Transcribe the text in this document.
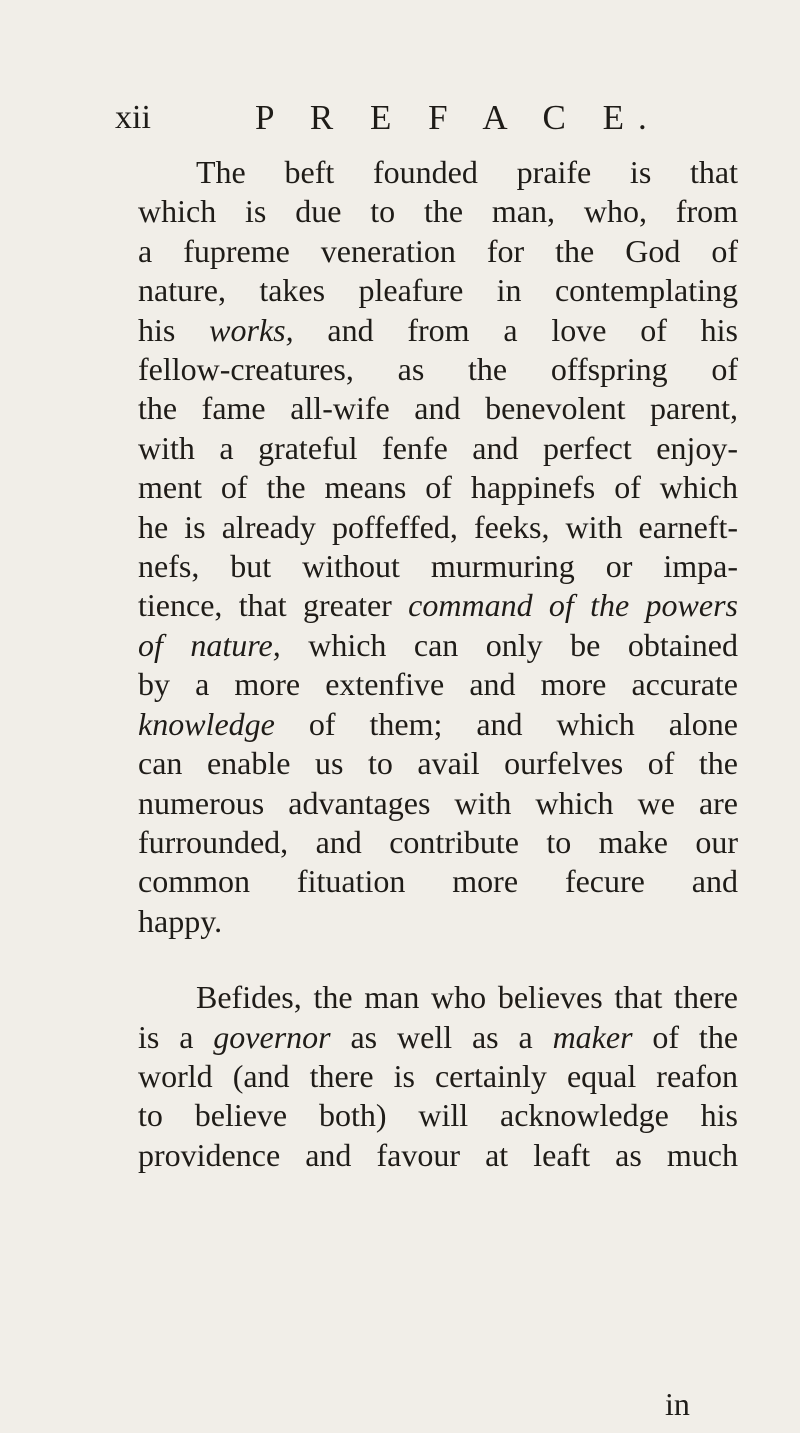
xii	P R E F A C E.
The beft founded praife is that
which is due to the man, who, from
a fupreme veneration for the God of
nature, takes pleafure in contemplating
his works, and from a love of his
fellow-creatures, as the offspring of
the fame all-wife and benevolent parent,
with a grateful fenfe and perfect enjoy-
ment of the means of happinefs of which
he is already poffeffed, feeks, with earneft-
nefs, but without murmuring or impa-
tience, that greater command of the powers
of nature, which can only be obtained
by a more extenfive and more accurate
knowledge of them; and which alone
can enable us to avail ourfelves of the
numerous advantages with which we are
furrounded, and contribute to make our
common fituation more fecure and
happy.
Befides, the man who believes that there
is a governor as well as a maker of the
world (and there is certainly equal reafon
to believe both) will acknowledge his
providence and favour at leaft as much
in
